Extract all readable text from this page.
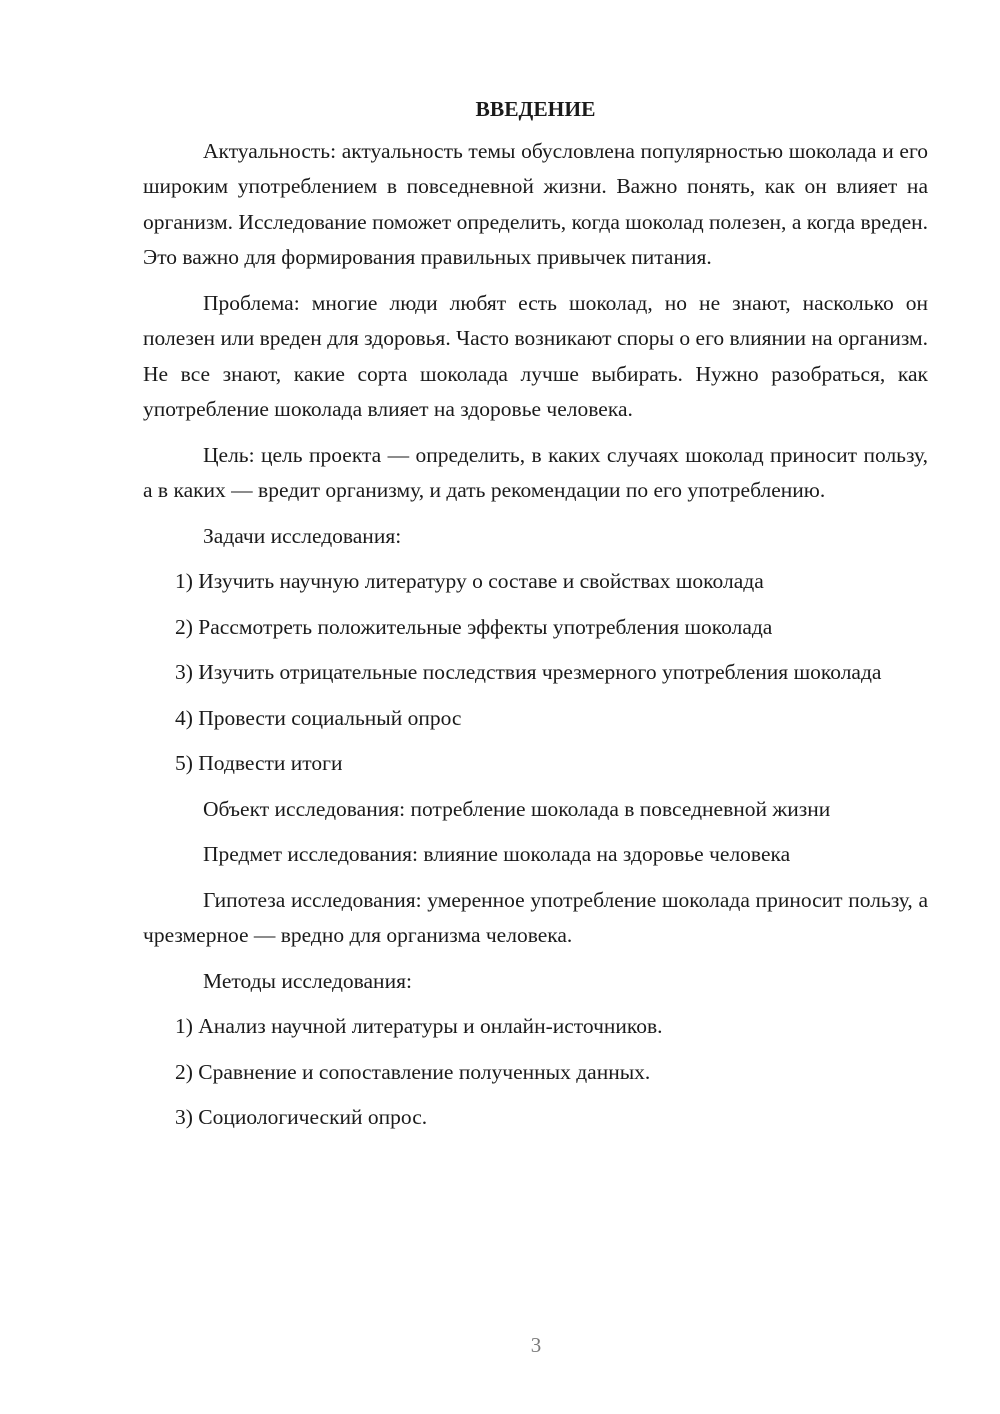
ВВЕДЕНИЕ

Актуальность: актуальность темы обусловлена популярностью шоколада и его широким употреблением в повседневной жизни. Важно понять, как он влияет на организм. Исследование поможет определить, когда шоколад полезен, а когда вреден. Это важно для формирования правильных привычек питания.

Проблема: многие люди любят есть шоколад, но не знают, насколько он полезен или вреден для здоровья. Часто возникают споры о его влиянии на организм. Не все знают, какие сорта шоколада лучше выбирать. Нужно разобраться, как употребление шоколада влияет на здоровье человека.

Цель: цель проекта — определить, в каких случаях шоколад приносит пользу, а в каких — вредит организму, и дать рекомендации по его употреблению.

Задачи исследования:

1) Изучить научную литературу о составе и свойствах шоколада

2) Рассмотреть положительные эффекты употребления шоколада

3) Изучить отрицательные последствия чрезмерного употребления шоколада

4) Провести социальный опрос

5) Подвести итоги

Объект исследования: потребление шоколада в повседневной жизни

Предмет исследования: влияние шоколада на здоровье человека

Гипотеза исследования: умеренное употребление шоколада приносит пользу, а чрезмерное — вредно для организма человека.

Методы исследования:

1) Анализ научной литературы и онлайн-источников.

2) Сравнение и сопоставление полученных данных.

3) Социологический опрос.

3
